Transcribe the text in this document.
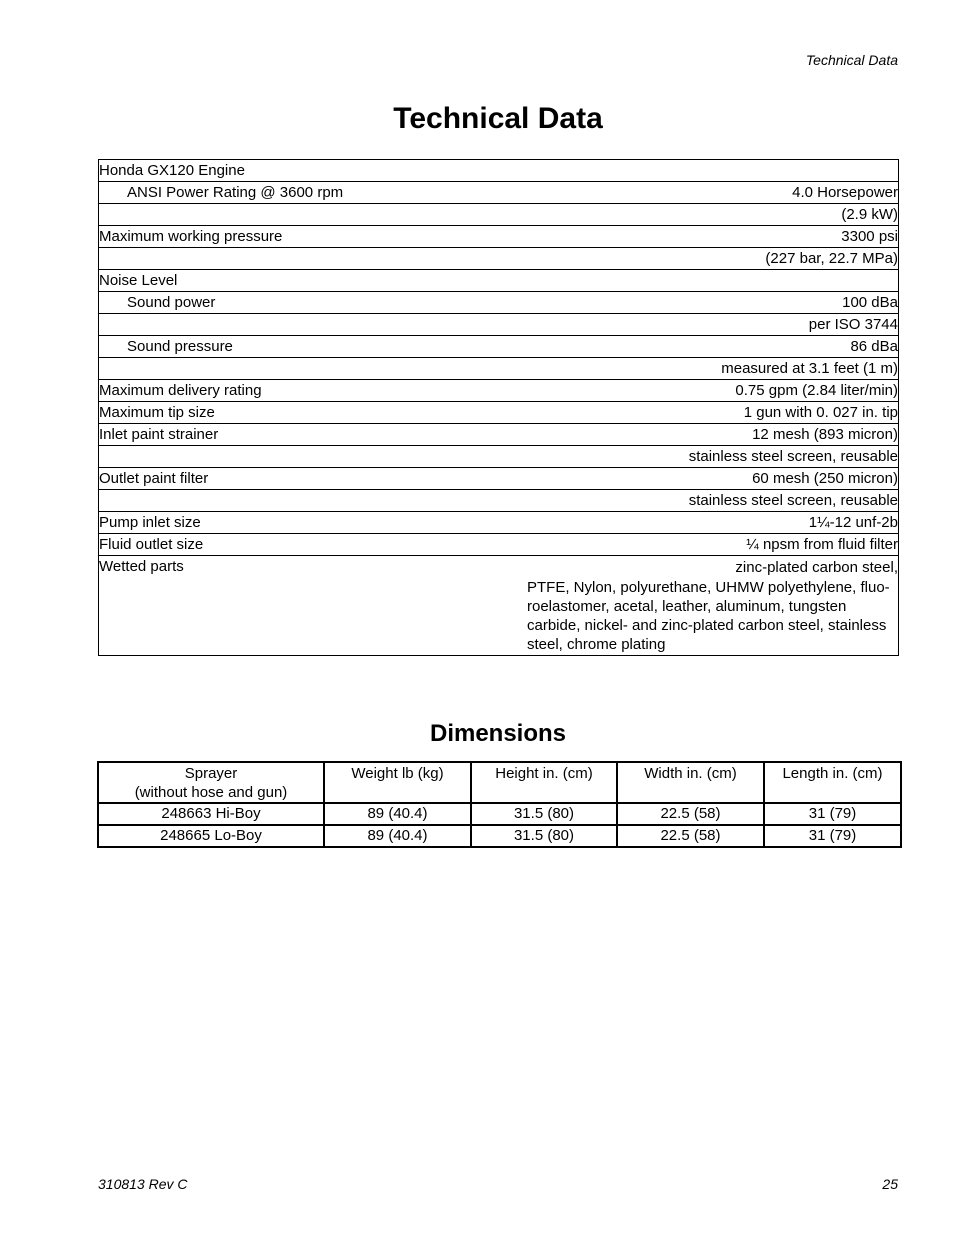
Technical Data
Technical Data
Honda GX120 Engine	
ANSI Power Rating @ 3600 rpm	4.0 Horsepower
	(2.9 kW)
Maximum working pressure	3300 psi
	(227 bar, 22.7 MPa)
Noise Level	
Sound power	100 dBa
	per ISO 3744
Sound pressure	86 dBa
	measured at 3.1 feet (1 m)
Maximum delivery rating	0.75 gpm (2.84 liter/min)
Maximum tip size	1 gun with 0. 027 in. tip
Inlet paint strainer	12 mesh (893 micron)
	stainless steel screen, reusable
Outlet paint filter	60 mesh (250 micron)
	stainless steel screen, reusable
Pump inlet size	1¼-12 unf-2b
Fluid outlet size	¼ npsm from fluid filter
Wetted parts	zinc-plated carbon steel,
PTFE, Nylon, polyurethane, UHMW polyethylene, fluo-roelastomer, acetal, leather, aluminum, tungsten carbide, nickel- and zinc-plated carbon steel, stainless steel, chrome plating
Dimensions
Sprayer
(without hose and gun)	Weight lb (kg)	Height in. (cm)	Width in. (cm)	Length in. (cm)
248663 Hi-Boy	89 (40.4)	31.5 (80)	22.5 (58)	31 (79)
248665 Lo-Boy	89 (40.4)	31.5 (80)	22.5 (58)	31 (79)
310813 Rev C	25
